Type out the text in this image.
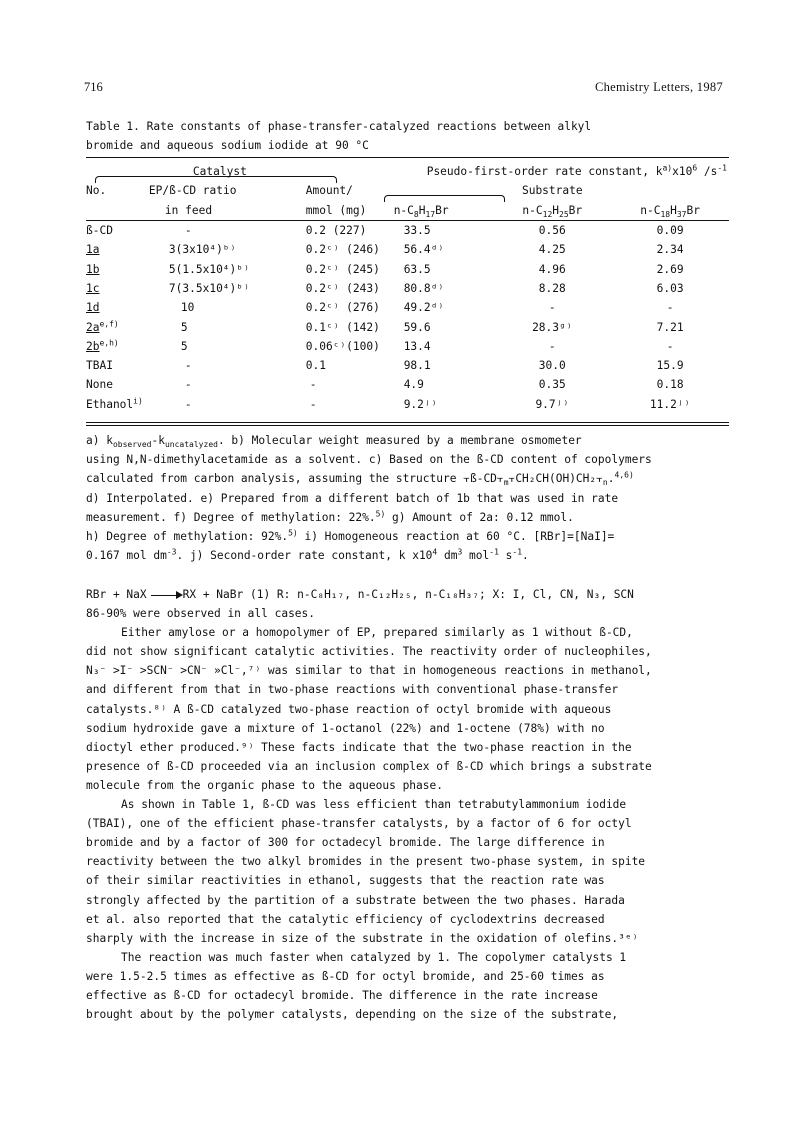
716	Chemistry Letters, 1987
Table 1. Rate constants of phase-transfer-catalyzed reactions between alkyl
bromide and aqueous sodium iodide at 90 °C
	Catalyst		Pseudo-first-order rate constant, $k^{a)}x10^6$ $/s^{-1}$
No.	EP/ß-CD ratio	Amount/		Substrate	
	in feed	mmol (mg)	$n-C_8H_{17}Br$	$n-C_{12}H_{25}Br$	$n-C_{18}H_{37}Br$
ß-CD	-	0.2 (227)	33.5	0.56	0.09
1a	3(3x10⁴)ᵇ⁾	0.2ᶜ⁾ (246)	56.4ᵈ⁾	4.25	2.34
1b	5(1.5x10⁴)ᵇ⁾	0.2ᶜ⁾ (245)	63.5	4.96	2.69
1c	7(3.5x10⁴)ᵇ⁾	0.2ᶜ⁾ (243)	80.8ᵈ⁾	8.28	6.03
1d	10	0.2ᶜ⁾ (276)	49.2ᵈ⁾	-	-
$2a^{e,f)}$	5	0.1ᶜ⁾ (142)	59.6	28.3ᵍ⁾	7.21
$2b^{e,h)}$	5	0.06ᶜ⁾(100)	13.4	-	-
TBAI	-	0.1	98.1	30.0	15.9
None	-	-	4.9	0.35	0.18
Ethanol$^{i)}$	-	-	9.2ʲ⁾	9.7ʲ⁾	11.2ʲ⁾
a) $k_{observed}-k_{uncatalyzed}$. b) Molecular weight measured by a membrane osmometer
using N,N-dimethylacetamide as a solvent. c) Based on the ß-CD content of copolymers
calculated from carbon analysis, assuming the structure $⫟ß-CD⫟_m⫟CH_2CH(OH)CH_2⫟_n.^{4,6)}$
d) Interpolated. e) Prepared from a different batch of 1b that was used in rate
measurement. f) Degree of methylation: 22%.$^{5)}$ g) Amount of 2a: 0.12 mmol.
h) Degree of methylation: 92%.$^{5)}$ i) Homogeneous reaction at 60 °C. [RBr]=[NaI]=
0.167 mol $dm^{-3}$. j) Second-order rate constant, k $x10^4$ $dm^3$ mol$^{-1}$ $s^{-1}$.
RBr + NaX → RX + NaBr (1) R: n-C₈H₁₇, n-C₁₂H₂₅, n-C₁₈H₃₇; X: I, Cl, CN, N₃, SCN
86-90% were observed in all cases.
Either amylose or a homopolymer of EP, prepared similarly as 1 without ß-CD,
did not show significant catalytic activities. The reactivity order of nucleophiles,
N₃⁻ >I⁻ >SCN⁻ >CN⁻ »Cl⁻,⁷⁾ was similar to that in homogeneous reactions in methanol,
and different from that in two-phase reactions with conventional phase-transfer
catalysts.⁸⁾ A ß-CD catalyzed two-phase reaction of octyl bromide with aqueous
sodium hydroxide gave a mixture of 1-octanol (22%) and 1-octene (78%) with no
dioctyl ether produced.⁹⁾ These facts indicate that the two-phase reaction in the
presence of ß-CD proceeded via an inclusion complex of ß-CD which brings a substrate
molecule from the organic phase to the aqueous phase.
As shown in Table 1, ß-CD was less efficient than tetrabutylammonium iodide
(TBAI), one of the efficient phase-transfer catalysts, by a factor of 6 for octyl
bromide and by a factor of 300 for octadecyl bromide. The large difference in
reactivity between the two alkyl bromides in the present two-phase system, in spite
of their similar reactivities in ethanol, suggests that the reaction rate was
strongly affected by the partition of a substrate between the two phases. Harada
et al. also reported that the catalytic efficiency of cyclodextrins decreased
sharply with the increase in size of the substrate in the oxidation of olefins.³ᵉ⁾
The reaction was much faster when catalyzed by 1. The copolymer catalysts 1
were 1.5-2.5 times as effective as ß-CD for octyl bromide, and 25-60 times as
effective as ß-CD for octadecyl bromide. The difference in the rate increase
brought about by the polymer catalysts, depending on the size of the substrate,
